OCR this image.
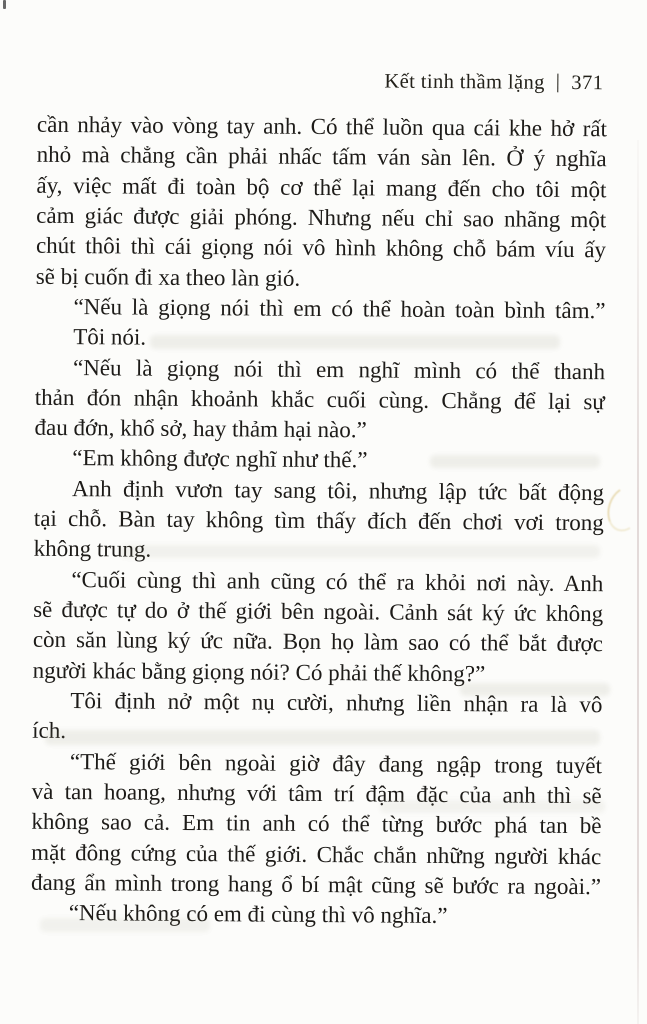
Kết tinh thầm lặng | 371
cần nhảy vào vòng tay anh. Có thể luồn qua cái khe hở rất
nhỏ mà chẳng cần phải nhấc tấm ván sàn lên. Ở ý nghĩa
ấy, việc mất đi toàn bộ cơ thể lại mang đến cho tôi một
cảm giác được giải phóng. Nhưng nếu chỉ sao nhãng một
chút thôi thì cái giọng nói vô hình không chỗ bám víu ấy
sẽ bị cuốn đi xa theo làn gió.
“Nếu là giọng nói thì em có thể hoàn toàn bình tâm.”
Tôi nói.
“Nếu là giọng nói thì em nghĩ mình có thể thanh
thản đón nhận khoảnh khắc cuối cùng. Chẳng để lại sự
đau đớn, khổ sở, hay thảm hại nào.”
“Em không được nghĩ như thế.”
Anh định vươn tay sang tôi, nhưng lập tức bất động
tại chỗ. Bàn tay không tìm thấy đích đến chơi vơi trong
không trung.
“Cuối cùng thì anh cũng có thể ra khỏi nơi này. Anh
sẽ được tự do ở thế giới bên ngoài. Cảnh sát ký ức không
còn săn lùng ký ức nữa. Bọn họ làm sao có thể bắt được
người khác bằng giọng nói? Có phải thế không?”
Tôi định nở một nụ cười, nhưng liền nhận ra là vô
ích.
“Thế giới bên ngoài giờ đây đang ngập trong tuyết
và tan hoang, nhưng với tâm trí đậm đặc của anh thì sẽ
không sao cả. Em tin anh có thể từng bước phá tan bề
mặt đông cứng của thế giới. Chắc chắn những người khác
đang ẩn mình trong hang ổ bí mật cũng sẽ bước ra ngoài.”
“Nếu không có em đi cùng thì vô nghĩa.”
